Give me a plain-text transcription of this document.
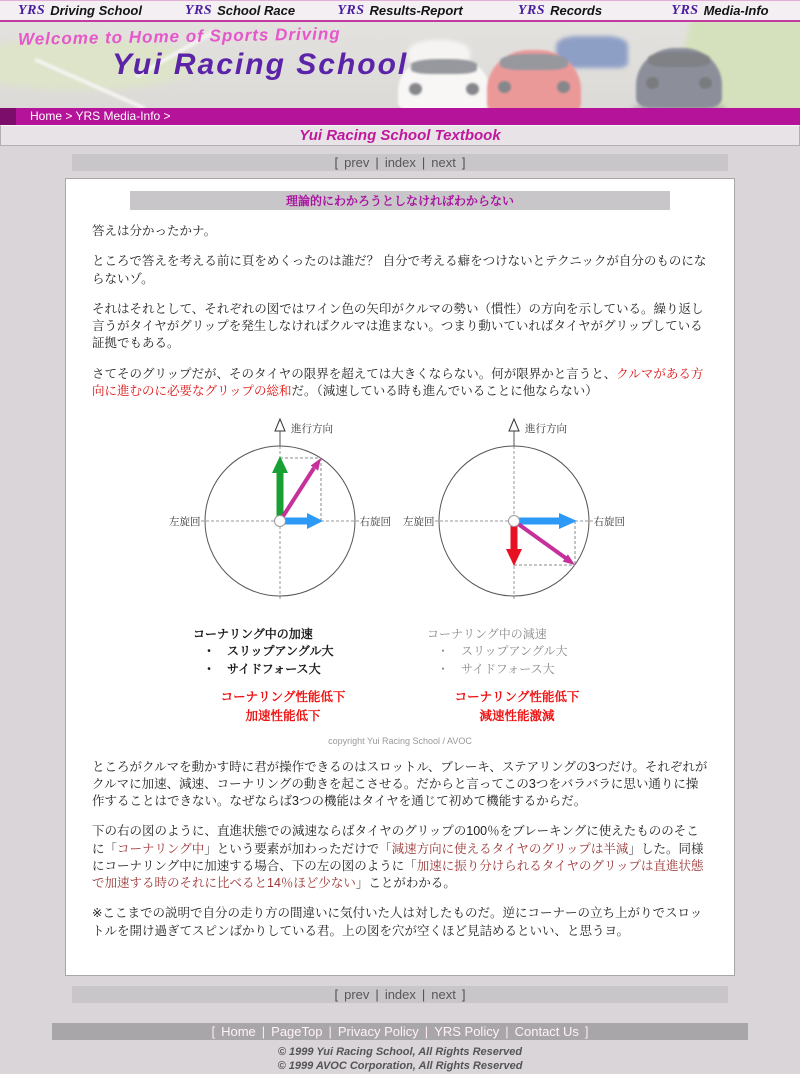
YRS Driving School	YRS School Race	YRS Results-Report	YRS Records	YRS Media-Info
Welcome to Home of Sports Driving
Yui Racing School
Home > YRS Media-Info >
Yui Racing School Textbook
[ prev | index | next ]
理論的にわかろうとしなければわからない
答えは分かったかナ。
ところで答えを考える前に頁をめくったのは誰だ？ 自分で考える癖をつけないとテクニックが自分のものにならないゾ。
それはそれとして、それぞれの図ではワイン色の矢印がクルマの勢い（慣性）の方向を示している。繰り返し言うがタイヤがグリップを発生しなければクルマは進まない。つまり動いていればタイヤがグリップしている証拠でもある。
さてそのグリップだが、そのタイヤの限界を超えては大きくならない。何が限界かと言うと、クルマがある方向に進むのに必要なグリップの総和だ。（減速している時も進んでいることに他ならない）
進行方向
左旋回	右旋回
コーナリング中の加速
・　スリップアングル大
・　サイドフォース大
コーナリング性能低下
加速性能低下
進行方向
左旋回	右旋回
コーナリング中の減速
・　スリップアングル大
・　サイドフォース大
コーナリング性能低下
減速性能激減
copyright Yui Racing School / AVOC
ところがクルマを動かす時に君が操作できるのはスロットル、ブレーキ、ステアリングの3つだけ。それぞれがクルマに加速、減速、コーナリングの動きを起こさせる。だからと言ってこの3つをバラバラに思い通りに操作することはできない。なぜならば3つの機能はタイヤを通じて初めて機能するからだ。
下の右の図のように、直進状態での減速ならばタイヤのグリップの100％をブレーキングに使えたもののそこに「コーナリング中」という要素が加わっただけで「減速方向に使えるタイヤのグリップは半減」した。同様にコーナリング中に加速する場合、下の左の図のように「加速に振り分けられるタイヤのグリップは直進状態で加速する時のそれに比べると14％ほど少ない」ことがわかる。
※ここまでの説明で自分の走り方の間違いに気付いた人は対したものだ。逆にコーナーの立ち上がりでスロットルを開け過ぎてスピンばかりしている君。上の図を穴が空くほど見詰めるといい、と思うヨ。
[ prev | index | next ]
[ Home | PageTop | Privacy Policy | YRS Policy | Contact Us ]
© 1999 Yui Racing School, All Rights Reserved
© 1999 AVOC Corporation, All Rights Reserved
